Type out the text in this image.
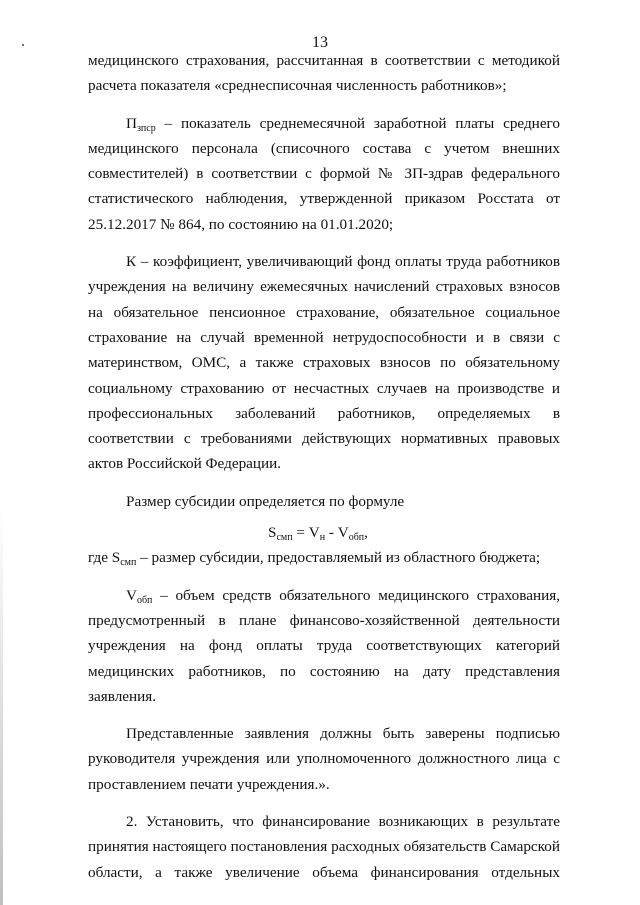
13

медицинского страхования, рассчитанная в соответствии с методикой расчета показателя «среднесписочная численность работников»;

$П_{зпср}$ – показатель среднемесячной заработной платы среднего медицинского персонала (списочного состава с учетом внешних совместителей) в соответствии с формой № ЗП-здрав федерального статистического наблюдения, утвержденной приказом Росстата от 25.12.2017 № 864, по состоянию на 01.01.2020;

К – коэффициент, увеличивающий фонд оплаты труда работников учреждения на величину ежемесячных начислений страховых взносов на обязательное пенсионное страхование, обязательное социальное страхование на случай временной нетрудоспособности и в связи с материнством, ОМС, а также страховых взносов по обязательному социальному страхованию от несчастных случаев на производстве и профессиональных заболеваний работников, определяемых в соответствии с требованиями действующих нормативных правовых актов Российской Федерации.

Размер субсидии определяется по формуле

$S_{смп} = V_н - V_{обп}$,

где $S_{смп}$ – размер субсидии, предоставляемый из областного бюджета;

$V_{обп}$ – объем средств обязательного медицинского страхования, предусмотренный в плане финансово-хозяйственной деятельности учреждения на фонд оплаты труда соответствующих категорий медицинских работников, по состоянию на дату представления заявления.

Представленные заявления должны быть заверены подписью руководителя учреждения или уполномоченного должностного лица с проставлением печати учреждения.».

2. Установить, что финансирование возникающих в результате принятия настоящего постановления расходных обязательств Самарской области, а также увеличение объема финансирования отдельных
